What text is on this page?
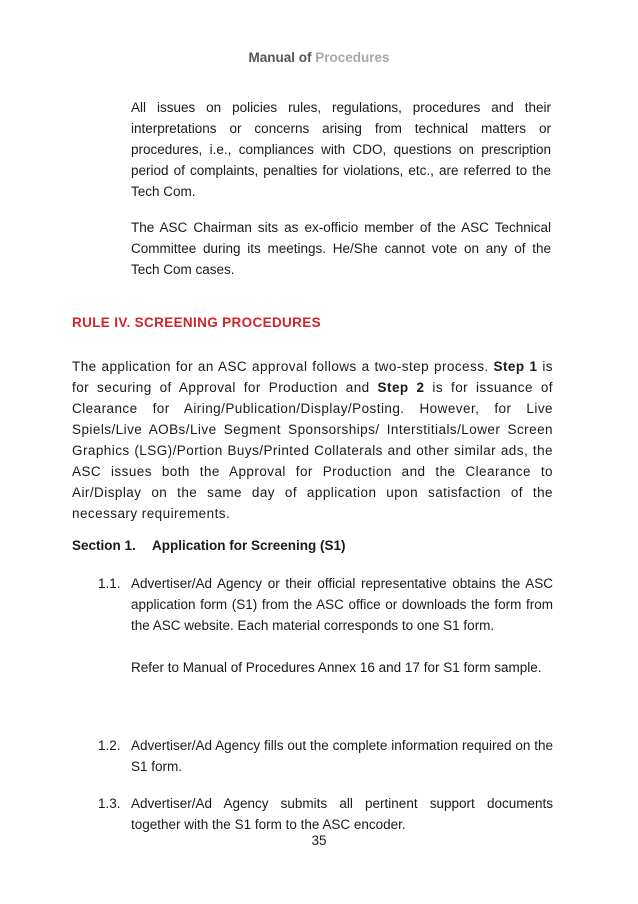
Manual of Procedures

All issues on policies rules, regulations, procedures and their interpretations or concerns arising from technical matters or procedures, i.e., compliances with CDO, questions on prescription period of complaints, penalties for violations, etc., are referred to the Tech Com.

The ASC Chairman sits as ex-officio member of the ASC Technical Committee during its meetings. He/She cannot vote on any of the Tech Com cases.

RULE IV. SCREENING PROCEDURES

The application for an ASC approval follows a two-step process. Step 1 is for securing of Approval for Production and Step 2 is for issuance of Clearance for Airing/Publication/Display/Posting. However, for Live Spiels/Live AOBs/Live Segment Sponsorships/ Interstitials/Lower Screen Graphics (LSG)/Portion Buys/Printed Collaterals and other similar ads, the ASC issues both the Approval for Production and the Clearance to Air/Display on the same day of application upon satisfaction of the necessary requirements.

Section 1. Application for Screening (S1)
1.1. Advertiser/Ad Agency or their official representative obtains the ASC application form (S1) from the ASC office or downloads the form from the ASC website. Each material corresponds to one S1 form.

Refer to Manual of Procedures Annex 16 and 17 for S1 form sample.

1.2. Advertiser/Ad Agency fills out the complete information required on the S1 form.

1.3. Advertiser/Ad Agency submits all pertinent support documents together with the S1 form to the ASC encoder.

35
